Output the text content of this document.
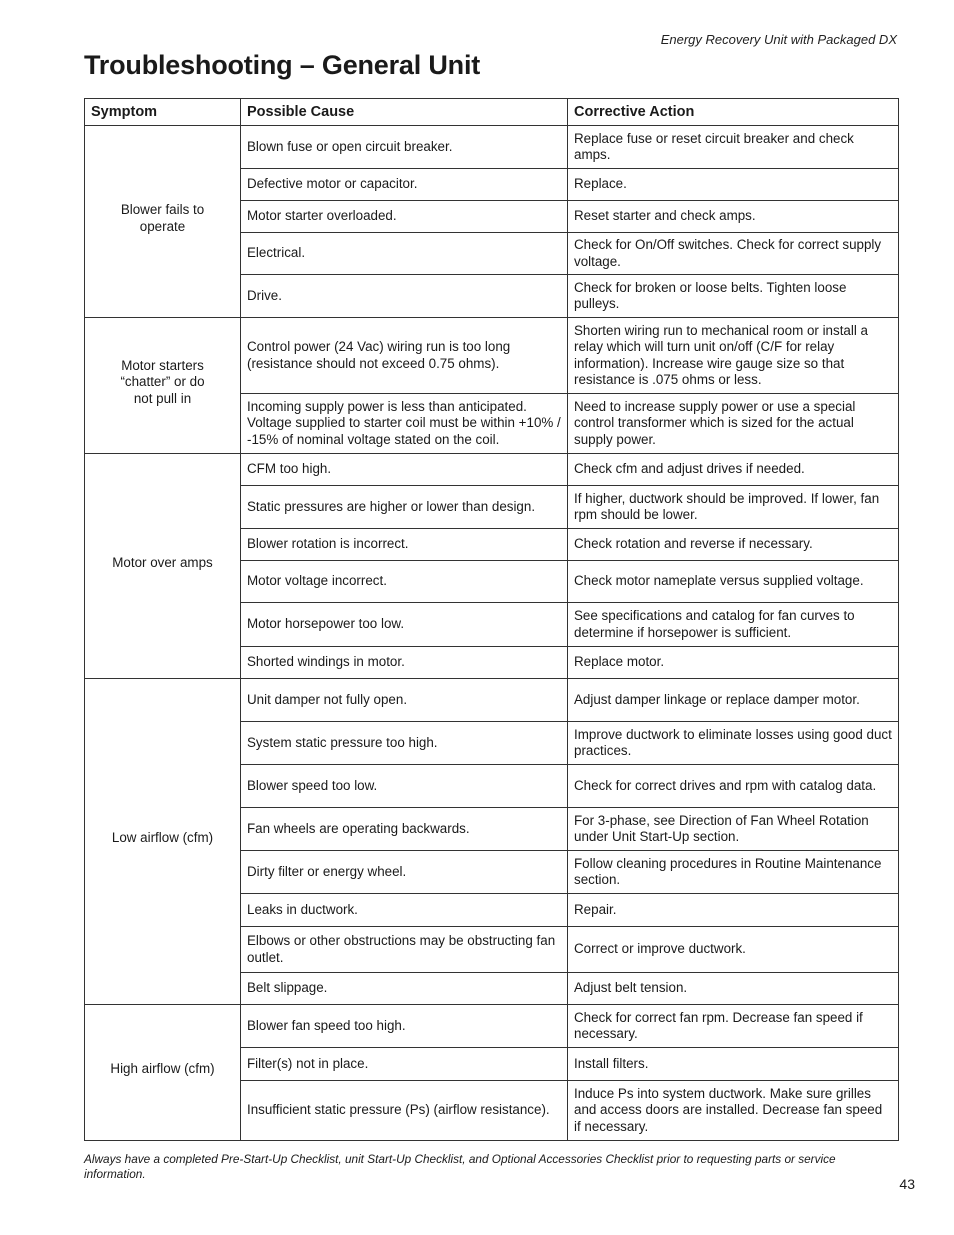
Energy Recovery Unit with Packaged DX
Troubleshooting – General Unit
Symptom	Possible Cause	Corrective Action
Blower fails to operate	Blown fuse or open circuit breaker.	Replace fuse or reset circuit breaker and check amps.
	Defective motor or capacitor.	Replace.
	Motor starter overloaded.	Reset starter and check amps.
	Electrical.	Check for On/Off switches. Check for correct supply voltage.
	Drive.	Check for broken or loose belts. Tighten loose pulleys.
Motor starters “chatter” or do not pull in	Control power (24 Vac) wiring run is too long (resistance should not exceed 0.75 ohms).	Shorten wiring run to mechanical room or install a relay which will turn unit on/off (C/F for relay information). Increase wire gauge size so that resistance is .075 ohms or less.
	Incoming supply power is less than anticipated. Voltage supplied to starter coil must be within +10% / -15% of nominal voltage stated on the coil.	Need to increase supply power or use a special control transformer which is sized for the actual supply power.
Motor over amps	CFM too high.	Check cfm and adjust drives if needed.
	Static pressures are higher or lower than design.	If higher, ductwork should be improved. If lower, fan rpm should be lower.
	Blower rotation is incorrect.	Check rotation and reverse if necessary.
	Motor voltage incorrect.	Check motor nameplate versus supplied voltage.
	Motor horsepower too low.	See specifications and catalog for fan curves to determine if horsepower is sufficient.
	Shorted windings in motor.	Replace motor.
Low airflow (cfm)	Unit damper not fully open.	Adjust damper linkage or replace damper motor.
	System static pressure too high.	Improve ductwork to eliminate losses using good duct practices.
	Blower speed too low.	Check for correct drives and rpm with catalog data.
	Fan wheels are operating backwards.	For 3-phase, see Direction of Fan Wheel Rotation under Unit Start-Up section.
	Dirty filter or energy wheel.	Follow cleaning procedures in Routine Maintenance section.
	Leaks in ductwork.	Repair.
	Elbows or other obstructions may be obstructing fan outlet.	Correct or improve ductwork.
	Belt slippage.	Adjust belt tension.
High airflow (cfm)	Blower fan speed too high.	Check for correct fan rpm. Decrease fan speed if necessary.
	Filter(s) not in place.	Install filters.
	Insufficient static pressure (Ps) (airflow resistance).	Induce Ps into system ductwork. Make sure grilles and access doors are installed. Decrease fan speed if necessary.
Always have a completed Pre-Start-Up Checklist, unit Start-Up Checklist, and Optional Accessories Checklist prior to requesting parts or service information.
43
